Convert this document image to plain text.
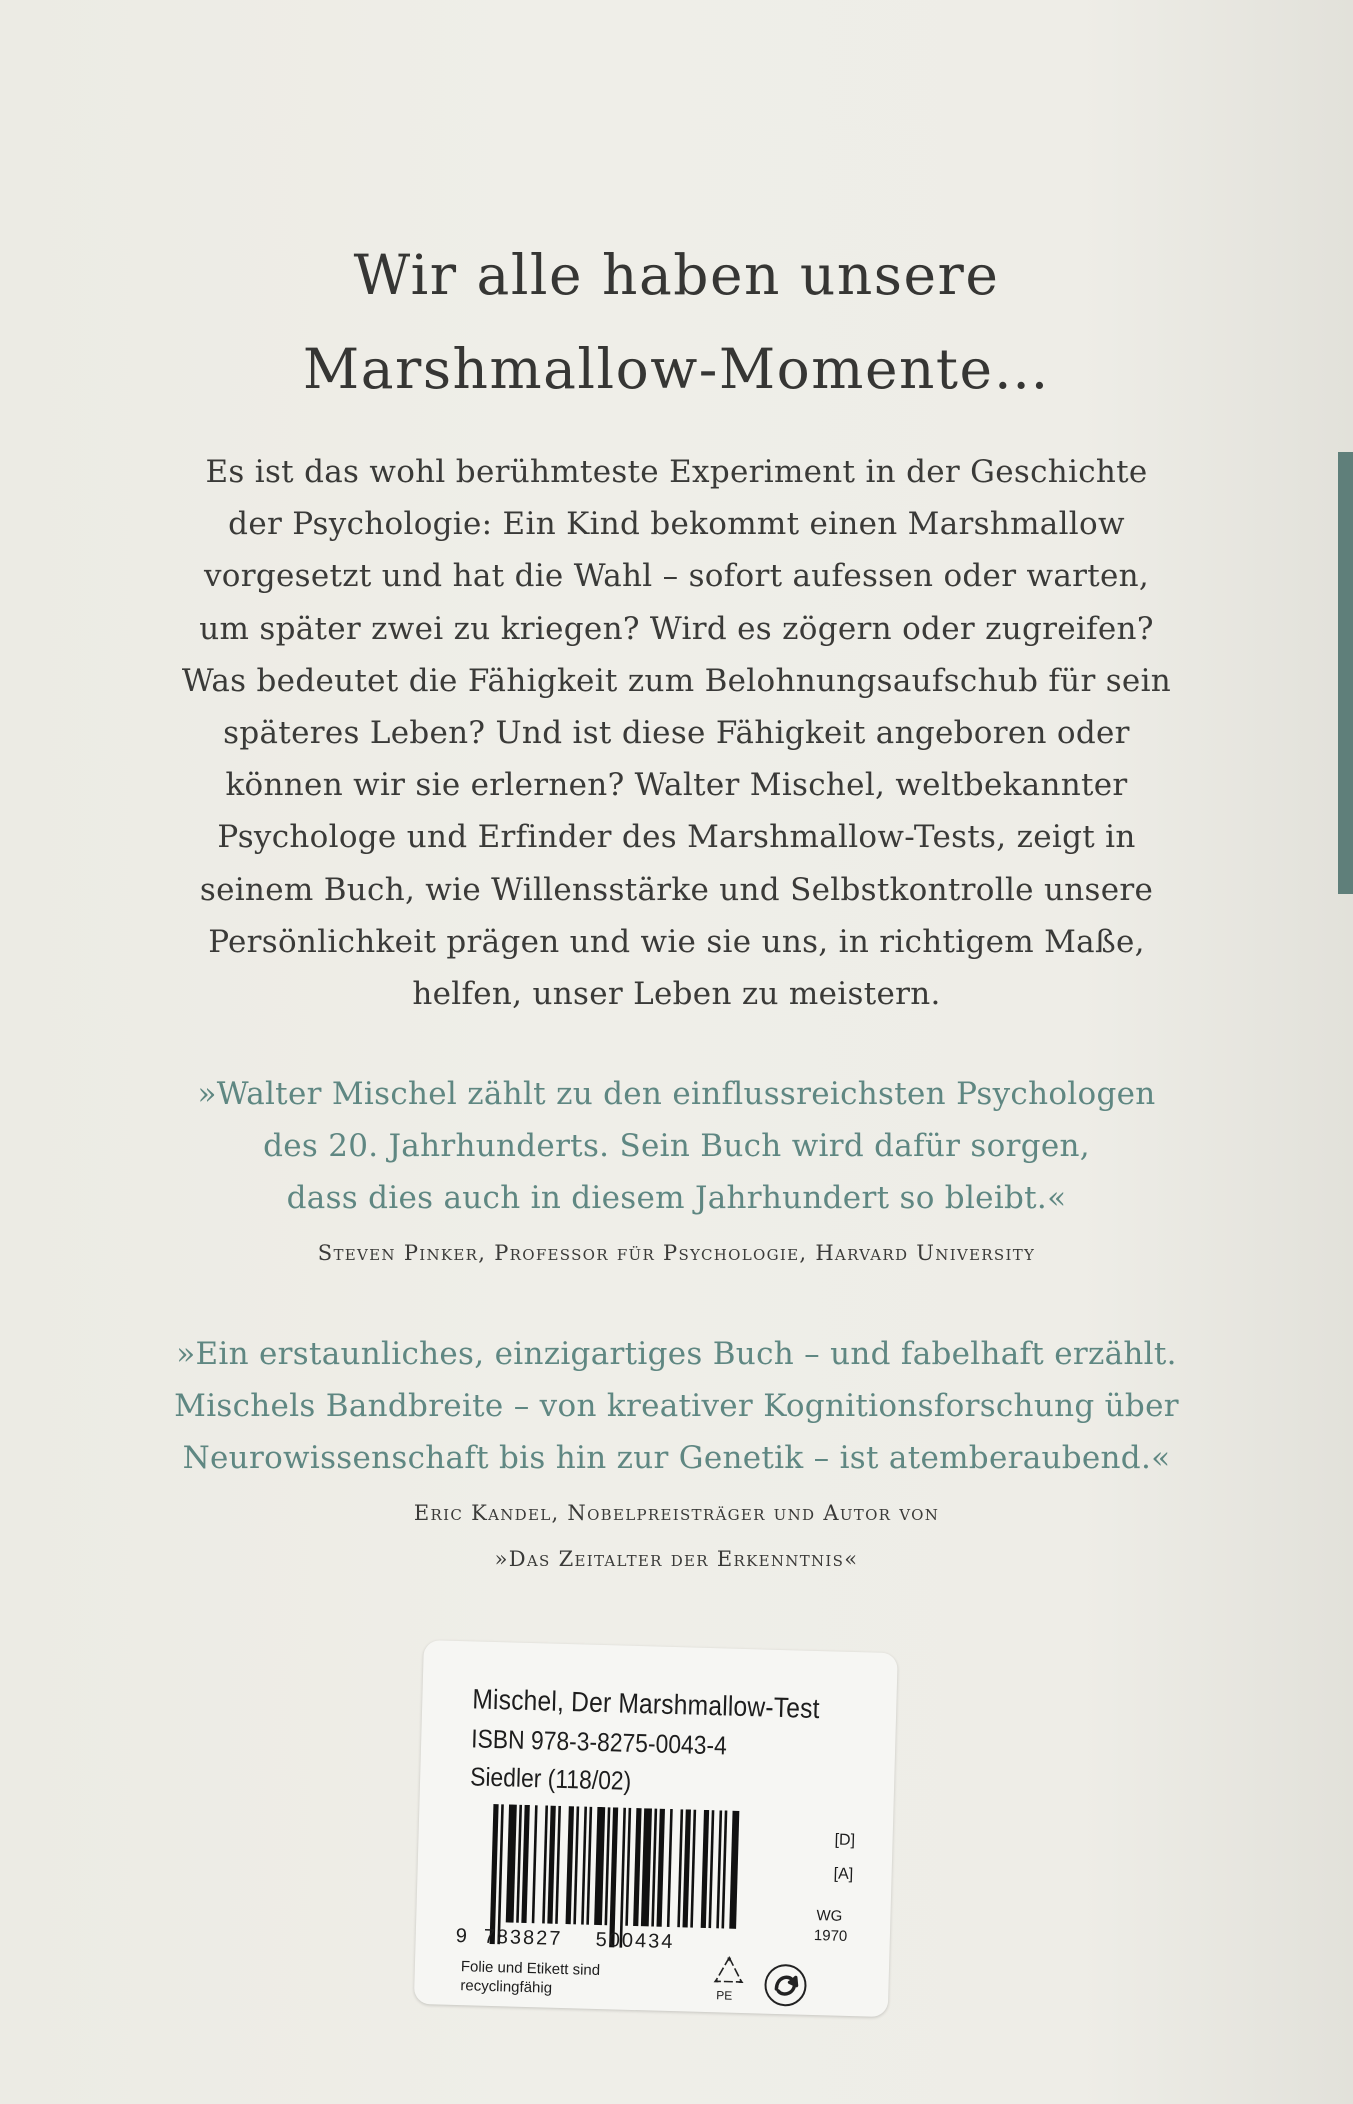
Wir alle haben unsere
Marshmallow-Momente…
Es ist das wohl berühmteste Experiment in der Geschichte
der Psychologie: Ein Kind bekommt einen Marshmallow
vorgesetzt und hat die Wahl – sofort aufessen oder warten,
um später zwei zu kriegen? Wird es zögern oder zugreifen?
Was bedeutet die Fähigkeit zum Belohnungsaufschub für sein
späteres Leben? Und ist diese Fähigkeit angeboren oder
können wir sie erlernen? Walter Mischel, weltbekannter
Psychologe und Erfinder des Marshmallow-Tests, zeigt in
seinem Buch, wie Willensstärke und Selbstkontrolle unsere
Persönlichkeit prägen und wie sie uns, in richtigem Maße,
helfen, unser Leben zu meistern.
»Walter Mischel zählt zu den einflussreichsten Psychologen
des 20. Jahrhunderts. Sein Buch wird dafür sorgen,
dass dies auch in diesem Jahrhundert so bleibt.«
Steven Pinker, Professor für Psychologie, Harvard University
»Ein erstaunliches, einzigartiges Buch – und fabelhaft erzählt.
Mischels Bandbreite – von kreativer Kognitionsforschung über
Neurowissenschaft bis hin zur Genetik – ist atemberaubend.«
Eric Kandel, Nobelpreisträger und Autor von
»Das Zeitalter der Erkenntnis«
Mischel, Der Marshmallow-Test
ISBN 978-3-8275-0043-4
Siedler (118/02)
9 783827 500434
[D]
[A]
WG
1970
Folie und Etikett sind
recyclingfähig	PE
